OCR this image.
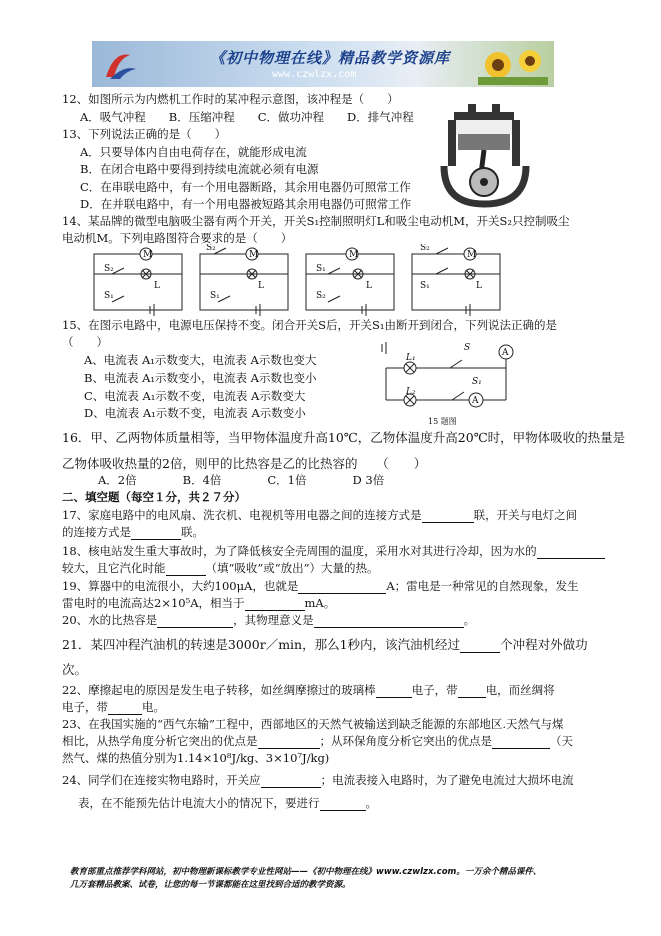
《初中物理在线》精品教学资源库
www.czwlzx.com
12、如图所示为内燃机工作时的某冲程示意图，该冲程是（　　）
A．吸气冲程　　B．压缩冲程　　C．做功冲程　　D．排气冲程
13、下列说法正确的是（　　）
A．只要导体内自由电荷存在，就能形成电流
B．在闭合电路中要得到持续电流就必须有电源
C．在串联电路中，有一个用电器断路，其余用电器仍可照常工作
D．在并联电路中，有一个用电器被短路其余用电器仍可照常工作
14、某品牌的微型电脑吸尘器有两个开关，开关S₁控制照明灯L和吸尘电动机M，开关S₂只控制吸尘
电动机M。下列电路图符合要求的是（　　）
M
S₂
L
S₁
M
S₂
L
S₁
M
S₁
L
S₂
M
S₂
L
S₁
15、在图示电路中，电源电压保持不变。闭合开关S后，开关S₁由断开到闭合，下列说法正确的是
（　　）
A、电流表 A₁示数变大，电流表 A示数也变大
B、电流表 A₁示数变小，电流表 A示数也变小
C、电流表 A₁示数不变，电流表 A示数变大
D、电流表 A₁示数不变，电流表 A示数变小
L₁
L₂
S
S₁
A
A
15 题图
16．甲、乙两物体质量相等，当甲物体温度升高10℃，乙物体温度升高20℃时，甲物体吸收的热量是
乙物体吸收热量的2倍，则甲的比热容是乙的比热容的　　（　　）
A．2倍　　　　B．4倍　　　　C．1倍　　　　D 3倍
二、填空题（每空１分，共２７分）
17、家庭电路中的电风扇、洗衣机、电视机等用电器之间的连接方式是	联，开关与电灯之间
的连接方式是	联。
18、核电站发生重大事故时，为了降低核安全壳周围的温度，采用水对其进行冷却，因为水的
较大，且它汽化时能	（填“吸收”或“放出”）大量的热。
19、算器中的电流很小，大约100μA，也就是	A；雷电是一种常见的自然现象，发生
雷电时的电流高达2×10⁵A，相当于	mA。
20、水的比热容是	，其物理意义是	。
21．某四冲程汽油机的转速是3000r／min，那么1秒内，该汽油机经过	个冲程对外做功
次。
22、摩擦起电的原因是发生电子转移，如丝绸摩擦过的玻璃棒	电子，带 电，而丝绸将
电子，带	电。
23、在我国实施的“西气东输”工程中，西部地区的天然气被输送到缺乏能源的东部地区.天然气与煤
相比，从热学角度分析它突出的优点是	；从环保角度分析它突出的优点是	（天
然气、煤的热值分别为1.14×10⁸J/kg、3×10⁷J/kg)
24、同学们在连接实物电路时，开关应	；电流表接入电路时，为了避免电流过大损坏电流
表，在不能预先估计电流大小的情况下，要进行	。
教育部重点推荐学科网站，初中物理新课标教学专业性网站——《初中物理在线》www.czwlzx.com。一万余个精品课件、
几万套精品教案、试卷，让您的每一节课都能在这里找到合适的教学资源。
